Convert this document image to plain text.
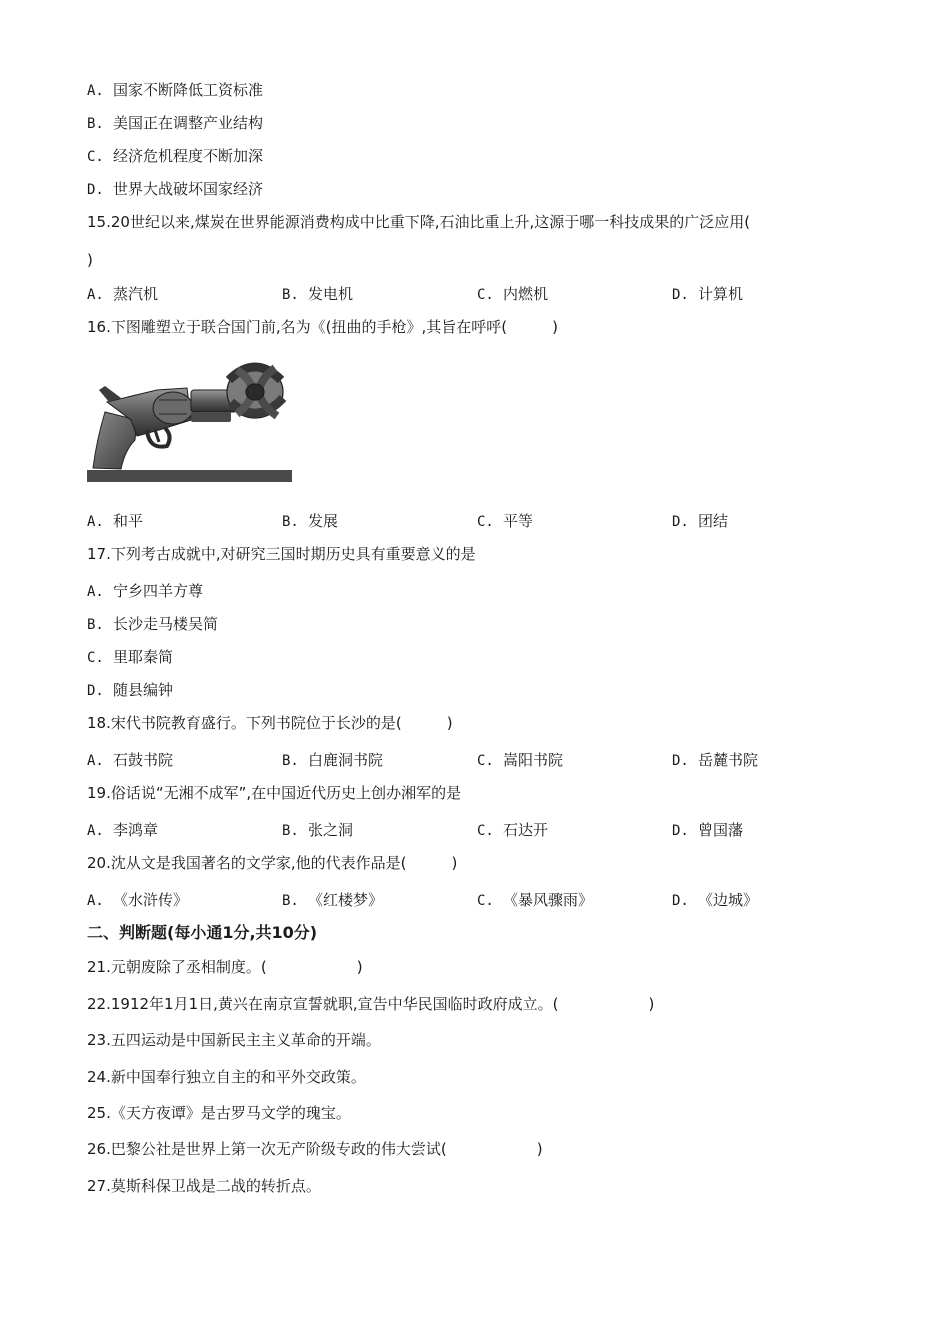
A. 国家不断降低工资标准
B. 美国正在调整产业结构
C. 经济危机程度不断加深
D. 世界大战破坏国家经济
15.20世纪以来,煤炭在世界能源消费构成中比重下降,石油比重上升,这源于哪一科技成果的广泛应用(
)
A. 蒸汽机	B. 发电机	C. 内燃机	D. 计算机
16.下图雕塑立于联合国门前,名为《(扭曲的手枪》,其旨在呼呼(　　　)
A. 和平	B. 发展	C. 平等	D. 团结
17.下列考古成就中,对研究三国时期历史具有重要意义的是
A. 宁乡四羊方尊
B. 长沙走马楼吴简
C. 里耶秦简
D. 随县编钟
18.宋代书院教育盛行。下列书院位于长沙的是(　　　)
A. 石鼓书院	B. 白鹿洞书院	C. 嵩阳书院	D. 岳麓书院
19.俗话说“无湘不成军”,在中国近代历史上创办湘军的是
A. 李鸿章	B. 张之洞	C. 石达开	D. 曾国藩
20.沈从文是我国著名的文学家,他的代表作品是(　　　)
A. 《水浒传》	B. 《红楼梦》	C. 《暴风骤雨》	D. 《边城》
二、判断题(每小通1分,共10分)
21.元朝废除了丞相制度。(　　　　　　)
22.1912年1月1日,黄兴在南京宣誓就职,宣告中华民国临时政府成立。(　　　　　　)
23.五四运动是中国新民主主义革命的开端。
24.新中国奉行独立自主的和平外交政策。
25.《天方夜谭》是古罗马文学的瑰宝。
26.巴黎公社是世界上第一次无产阶级专政的伟大尝试(　　　　　　)
27.莫斯科保卫战是二战的转折点。
